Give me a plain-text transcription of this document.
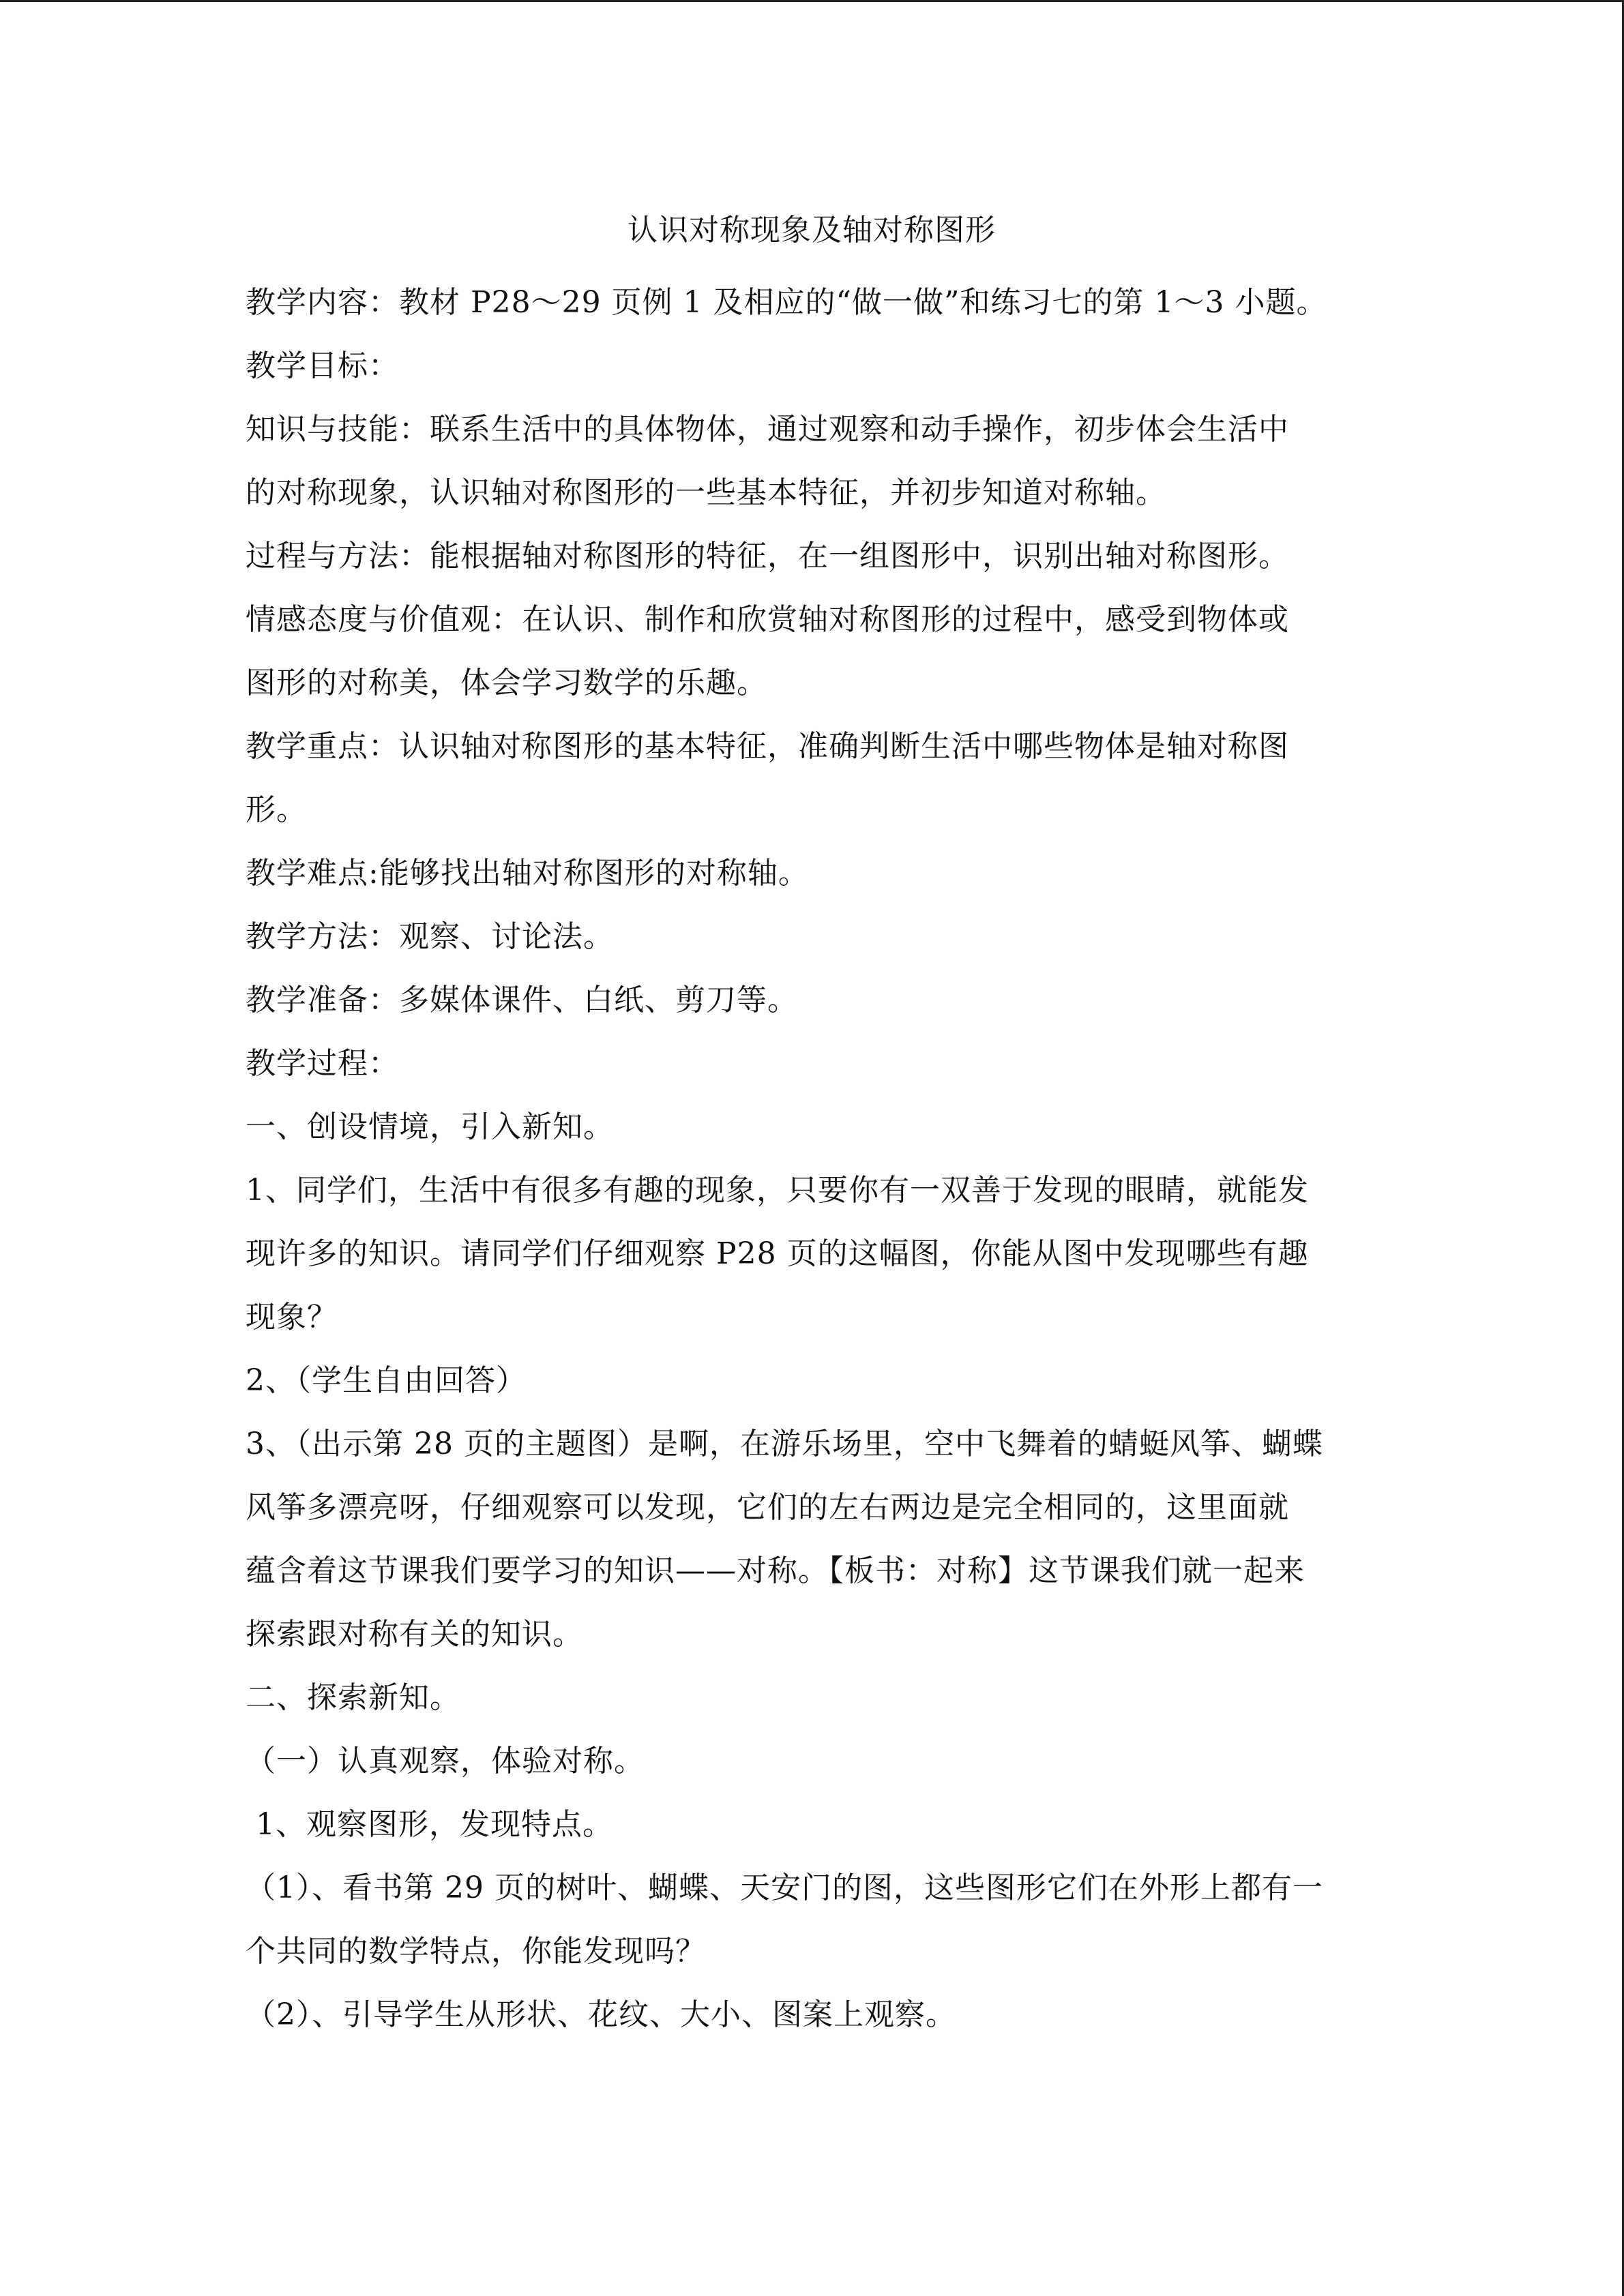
认识对称现象及轴对称图形
教学内容：教材 P28～29 页例 1 及相应的“做一做”和练习七的第 1～3 小题。
教学目标：
知识与技能：联系生活中的具体物体，通过观察和动手操作，初步体会生活中
的对称现象，认识轴对称图形的一些基本特征，并初步知道对称轴。
过程与方法：能根据轴对称图形的特征，在一组图形中，识别出轴对称图形。
情感态度与价值观：在认识、制作和欣赏轴对称图形的过程中，感受到物体或
图形的对称美，体会学习数学的乐趣。
教学重点：认识轴对称图形的基本特征，准确判断生活中哪些物体是轴对称图
形。
教学难点:能够找出轴对称图形的对称轴。
教学方法：观察、讨论法。
教学准备：多媒体课件、白纸、剪刀等。
教学过程：
一、创设情境，引入新知。
1、同学们，生活中有很多有趣的现象，只要你有一双善于发现的眼睛，就能发
现许多的知识。请同学们仔细观察 P28 页的这幅图，你能从图中发现哪些有趣
现象？
2、（学生自由回答）
3、（出示第 28 页的主题图）是啊，在游乐场里，空中飞舞着的蜻蜓风筝、蝴蝶
风筝多漂亮呀，仔细观察可以发现，它们的左右两边是完全相同的，这里面就
蕴含着这节课我们要学习的知识——对称。【板书：对称】这节课我们就一起来
探索跟对称有关的知识。
二、探索新知。
（一）认真观察，体验对称。
1、观察图形，发现特点。
（1）、看书第 29 页的树叶、蝴蝶、天安门的图，这些图形它们在外形上都有一
个共同的数学特点，你能发现吗？
（2）、引导学生从形状、花纹、大小、图案上观察。
